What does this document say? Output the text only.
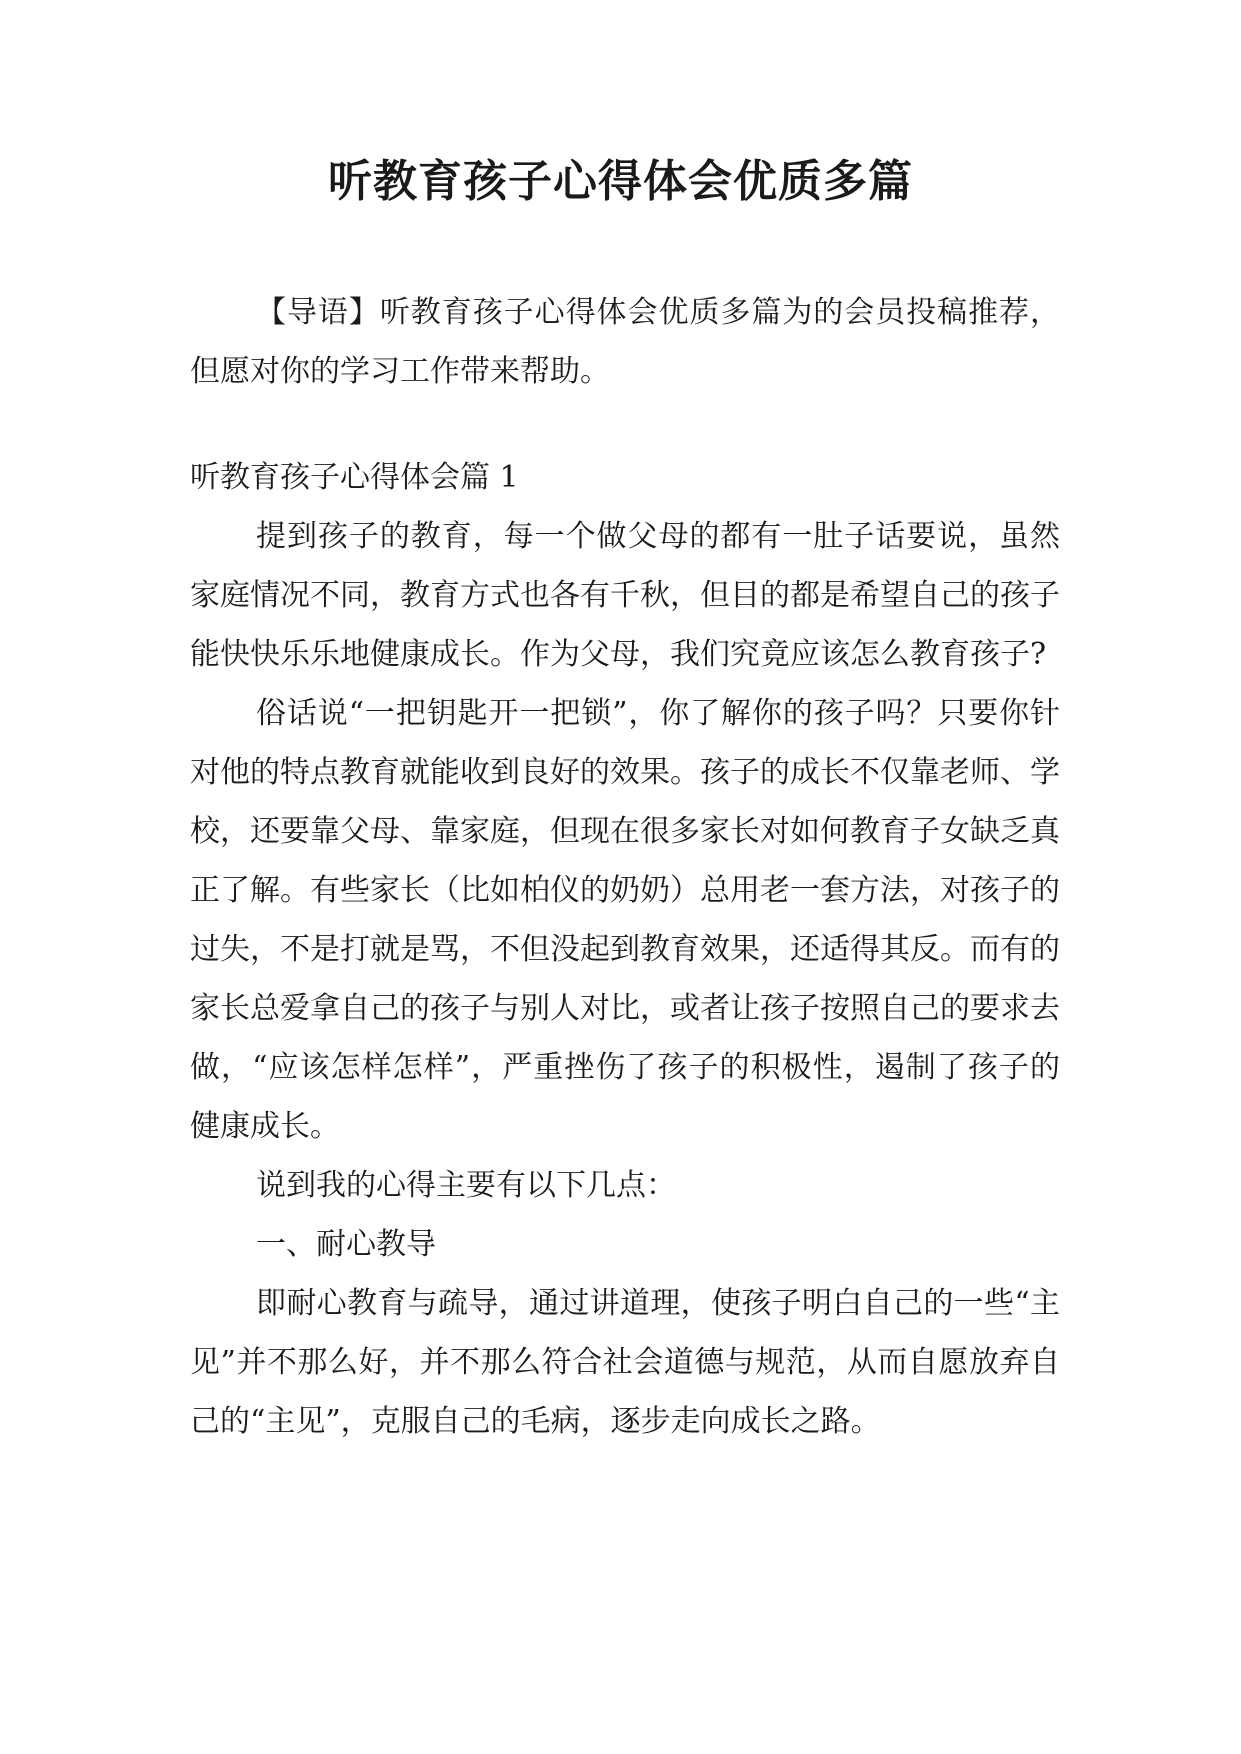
听教育孩子心得体会优质多篇

【导语】听教育孩子心得体会优质多篇为的会员投稿推荐，但愿对你的学习工作带来帮助。

听教育孩子心得体会篇 1

提到孩子的教育，每一个做父母的都有一肚子话要说，虽然家庭情况不同，教育方式也各有千秋，但目的都是希望自己的孩子能快快乐乐地健康成长。作为父母，我们究竟应该怎么教育孩子?

俗话说“一把钥匙开一把锁”，你了解你的孩子吗？只要你针对他的特点教育就能收到良好的效果。孩子的成长不仅靠老师、学校，还要靠父母、靠家庭，但现在很多家长对如何教育子女缺乏真正了解。有些家长（比如柏仪的奶奶）总用老一套方法，对孩子的过失，不是打就是骂，不但没起到教育效果，还适得其反。而有的家长总爱拿自己的孩子与别人对比，或者让孩子按照自己的要求去做，“应该怎样怎样”，严重挫伤了孩子的积极性，遏制了孩子的健康成长。

说到我的心得主要有以下几点：

一、耐心教导

即耐心教育与疏导，通过讲道理，使孩子明白自己的一些“主见”并不那么好，并不那么符合社会道德与规范，从而自愿放弃自己的“主见”，克服自己的毛病，逐步走向成长之路。
